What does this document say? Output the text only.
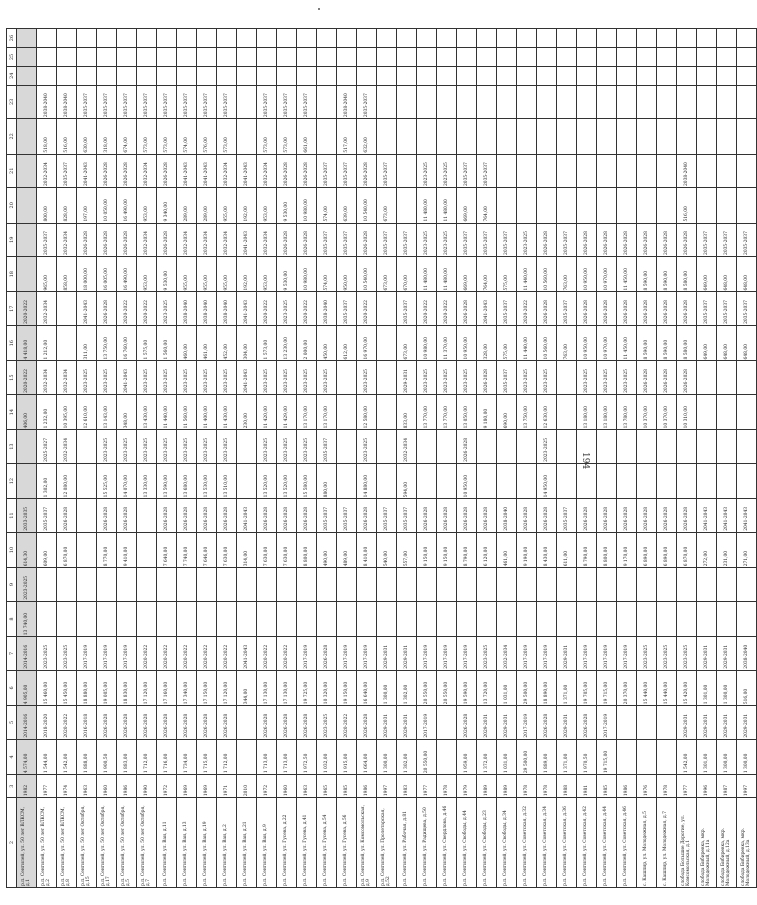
194
2	3	4	5	6	7	8	9	10	11	12	13	14	15	16	17	18	19	20	21	22	23	24	25	26
р.п. Сенгилей, ул. 50 лет ВЛКСМ, д.1	1982	4 574,00	2014-2016	4 905,00	2014-2016	13 740,00	2023-2025	614,30	2033-2035			406,00	2020-2022	4 418,00	2020-2022									
р.п. Сенгилей, ул. 50 лет ВЛКСМ, д.2	1977	1 544,00	2018-2020	15 460,00	2023-2025			609,00	2035-2037	1 302,00	2025-2027	1 232,00	2032-2034	1 212,00	2032-2034	965,00	2035-2037	800,00	2032-2034	518,00	2038-2040			
р.п. Сенгилей, ул. 50 лет ВЛКСМ, д.8	1974	1 542,00	2020-2022	15 450,00	2023-2025			6 870,00	2026-2028	12 080,00	2032-2034	10 395,00	2032-2034			858,00	2032-2034	828,00	2035-2037	516,00	2038-2040			
р.п. Сенгилей, ул. 50 лет Октября, д.15	1963	1 888,00	2016-2018	18 880,00	2017-2019							12 610,00	2023-2025	311,00	2041-2043	18 000,00	2026-2028	197,00	2041-2043	630,00	2035-2037			
р.п. Сенгилей, ул. 50 лет Октября, д.17	1960	1 900,50	2026-2028	19 005,00	2017-2019			8 770,00	2026-2028	15 525,00	2023-2025	13 143,00	2023-2025	13 750,00	2026-2028	16 005,00	2026-2028	10 050,00	2026-2028	318,00	2035-2037			
р.п. Сенгилей, ул. 50 лет Октября, д.5	1986	1 883,00	2026-2028	18 830,00	2017-2019			9 410,00	2026-2028	14 070,00	2023-2025	348,00	2041-2043	16 760,00	2020-2022	16 490,00	2026-2028	16 490,00	2026-2028	674,00	2035-2037			
р.п. Сенгилей, ул. 50 лет Октября, д.7	1990	1 712,00	2026-2028	17 120,00	2020-2022					13 330,00	2023-2025	13 430,00	2023-2025	1 575,00	2020-2022	953,00	2032-2034	953,00	2032-2034	573,00	2035-2037			
р.п. Сенгилей, ул. Ваи, д.11	1972	1 716,00	2026-2028	17 160,00	2020-2022			7 640,00	2026-2028	13 590,00	2023-2025	11 440,00	2023-2025	1 560,00	2023-2025	9 530,00	2026-2028	9 340,00	2026-2028	573,00	2035-2037			
р.п. Сенгилей, ул. Ваи, д.13	1969	1 734,00	2026-2028	17 340,00	2020-2022			7 740,00	2026-2028	13 680,00	2023-2025	11 560,00	2023-2025	460,00	2038-2040	955,00	2032-2034	289,00	2041-2043	574,00	2035-2037			
р.п. Сенгилей, ул. Ваи, д.19	1969	1 715,00	2026-2028	17 150,00	2020-2022			7 646,00	2026-2028	13 530,00	2023-2025	11 400,00	2023-2025	461,00	2038-2040	955,00	2032-2034	289,00	2041-2043	576,00	2035-2037			
р.п. Сенгилей, ул. Ваи, д.2	1971	1 712,00	2026-2028	17 120,00	2020-2022			7 630,00	2026-2028	13 510,00	2023-2025	11 430,00	2023-2025	452,00	2038-2040	955,00	2032-2034	955,00	2032-2034	573,00	2035-2037			
р.п. Сенгилей, ул. Ваи, д.21	2010			344,00	2041-2043			314,00	2041-2043			230,00	2041-2043	304,00	2041-2043	192,00	2041-2043	192,00	2041-2043					
р.п. Сенгилей, ул. Ваи, д.9	1972	1 713,00	2026-2028	17 130,00	2020-2022			7 630,00	2026-2028	13 520,00	2023-2025	11 420,00	2023-2025	1 573,00	2020-2022	953,00	2032-2034	953,00	2032-2034	573,00	2035-2037			
р.п. Сенгилей, ул. Гусева, д.22	1960	1 713,00	2026-2028	17 130,00	2020-2022			7 630,00	2026-2028	13 520,00	2023-2025	11 429,00	2023-2025	13 230,00	2023-2025	9 530,00	2026-2028	9 530,00	2026-2028	573,00	2035-2037			
р.п. Сенгилей, ул. Гусева, д.41	1963	1 972,50	2026-2028	19 725,00	2017-2019			8 800,00	2026-2028	15 580,00	2023-2025	13 170,00	2023-2025	2 000,00	2020-2022	10 980,00	2026-2028	10 980,00	2026-2028	661,00	2035-2037			
р.п. Сенгилей, ул. Гусева, д.54	1965	1 032,00	2023-2025	10 320,00	2026-2028			490,00	2035-2037	880,00	2035-2037	13 170,00	2023-2025	450,00	2038-2040	574,00	2035-2037	574,00	2035-2037					
р.п. Сенгилей, ул. Гусева, д.56	1985	1 915,00	2020-2022	19 150,00	2017-2019			489,00	2035-2037					612,00	2035-2037	950,00	2035-2037	639,00	2035-2037	517,00	2038-2040			
р.п. Сенгилей, ул. Комсомольская, д.9	1986	1 664,00	2026-2028	16 640,00	2017-2019			8 410,00	2026-2028	14 880,00	2023-2025	12 580,00	2023-2025	16 970,00	2020-2022	10 540,00	2026-2028	10 540,00	2026-2028	632,00	2035-2037			
р.п. Сенгилей, ул. Пролетарская, д.52	1997	1 300,00	2029-2031	1 300,00	2029-2031			540,00	2035-2037							673,00	2035-2037	673,00	2035-2037					
р.п. Сенгилей, ул. Рабочая, д.81	1983	1 302,00	2029-2031	1 302,00	2029-2031			557,00	2035-2037	594,00	2032-2034	833,00	2029-2031	673,00	2035-2037	670,00	2035-2037							
р.п. Сенгилей, ул. Радищева, д.50	1977	20 550,00	2017-2019	20 550,00	2017-2019			9 150,00	2026-2028			13 770,00	2023-2025	10 980,00	2020-2022	11 480,00	2023-2025	11 480,00	2023-2025					
р.п. Сенгилей, ул. Свердлова, д.46	1978			20 550,00	2017-2019			9 150,00	2026-2028			13 770,00	2023-2025	11 370,00	2020-2022	11 480,00	2023-2025	11 480,00	2023-2025					
р.п. Сенгилей, ул. Свободы, д.44	1979	1 959,00	2026-2028	19 590,00	2017-2019			8 790,00	2026-2028	10 950,00	2026-2028	13 050,00	2023-2025	10 950,00	2026-2028	669,00	2035-2037	669,00	2035-2037					
р.п. Сенгилей, ул. Свободы, д.23	1989	1 372,00	2029-2031	13 720,00	2023-2025			6 120,00	2026-2028			9 180,00	2026-2028	328,00	2041-2043	764,00	2035-2037	764,00	2035-2037					
р.п. Сенгилей, ул. Свободы, д.34	1989	1 031,00	2029-2031	1 031,00	2032-2034			461,00	2038-2040			690,00	2035-2037	575,00	2035-2037	575,00	2035-2037							
р.п. Сенгилей, ул. Советская, д.32	1978	29 500,00	2017-2019	29 500,00	2017-2019			9 190,00	2026-2028			13 750,00	2023-2025	11 440,00	2020-2022	11 440,00	2023-2025							
р.п. Сенгилей, ул. Советская, д.34	1978	1 889,00	2026-2028	18 890,00	2017-2019			8 430,00	2026-2028	14 950,00	2023-2025	12 630,00	2023-2025	10 560,00	2026-2028	10 560,00	2026-2028							
р.п. Сенгилей, ул. Советская, д.36	1988	1 371,00	2029-2031	1 371,00	2029-2031			611,00	2035-2037					763,00	2035-2037	763,00	2035-2037							
р.п. Сенгилей, ул. Советская, д.42	1981	1 970,50	2026-2028	19 705,00	2017-2019			8 790,00	2026-2028			13 180,00	2023-2025	10 950,00	2026-2028	10 950,00	2026-2028							
р.п. Сенгилей, ул. Советская, д.44	1985	19 715,00	2017-2019	19 715,00	2017-2019			8 800,00	2026-2028			13 180,00	2023-2025	10 970,00	2026-2028	10 970,00	2026-2028							
р.п. Сенгилей, ул. Советская, д.46	1986			20 370,00	2017-2019			9 170,00	2026-2028			13 780,00	2023-2025	11 450,00	2026-2028	11 450,00	2026-2028							
с. Кашпир, ул. Молодежная, д.5	1976			15 440,00	2023-2025			6 890,00	2026-2028			10 370,00	2026-2028	8 590,00	2026-2028	8 590,00	2026-2028							
с. Кашпир, ул. Молодежная, д.7	1978			15 440,00	2023-2025			6 890,00	2026-2028			10 370,00	2026-2028	8 590,00	2026-2028	8 590,00	2026-2028							
слобода Большие Дорогие, ул. Комсомольская, д.1	1977	1 542,00	2029-2031	15 420,00	2023-2025			6 870,00	2026-2028			10 310,00	2026-2028	8 580,00	2026-2028	8 580,00	2026-2028	516,00	2038-2040					
слобода Бибиревка, мкр. Молодежный, д.11а	1996	1 301,00	2029-2031	1 301,00	2029-2031			272,00	2041-2043					649,00	2035-2037	649,00	2035-2037							
слобода Бибиревка, мкр. Молодежный, д.12а	1987	1 300,00	2029-2031	1 300,00	2029-2031			231,00	2041-2043					648,00	2035-2037	648,00	2035-2037							
слобода Бибиревка, мкр. Молодежный, д.13а	1997	1 300,00	2029-2031	516,00	2038-2040			271,00	2041-2043					648,00	2035-2037	648,00	2035-2037							
